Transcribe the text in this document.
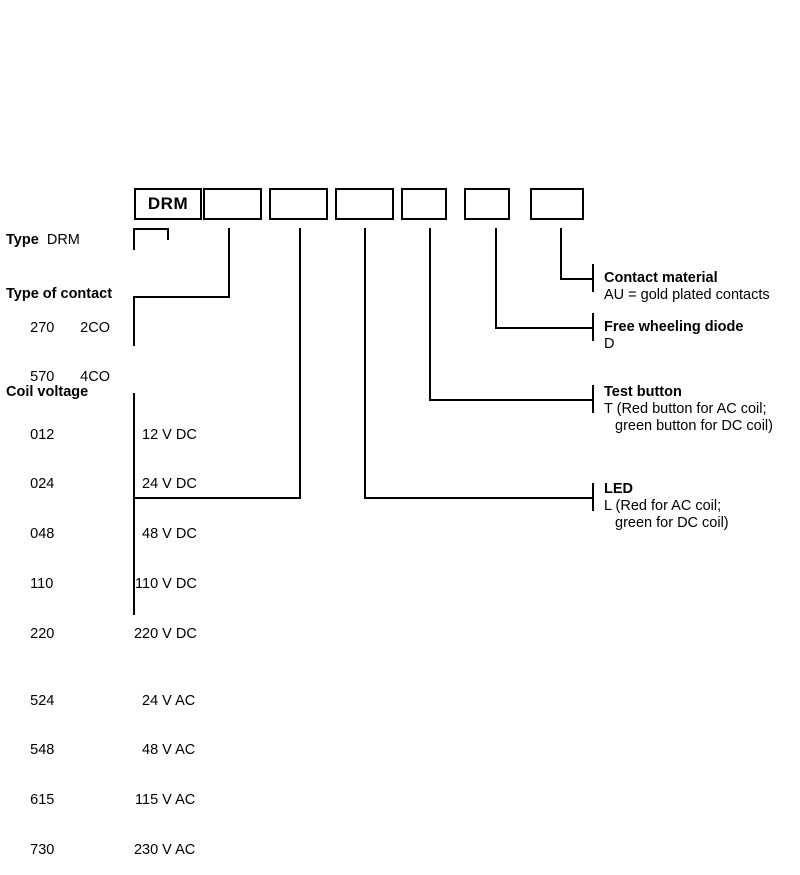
DRM
Type DRM
Type of contact

270 2CO

570 4CO

Coil voltage

012	12 V DC

024	24 V DC

048	48 V DC

110	110 V DC

220	220 V DC

524	24 V AC

548	48 V AC

615	115 V AC

730	230 V AC

Contact material
AU = gold plated contacts
Free wheeling diode
D
Test button
T (Red button for AC coil;
green button for DC coil)
LED
L (Red for AC coil;
green for DC coil)
